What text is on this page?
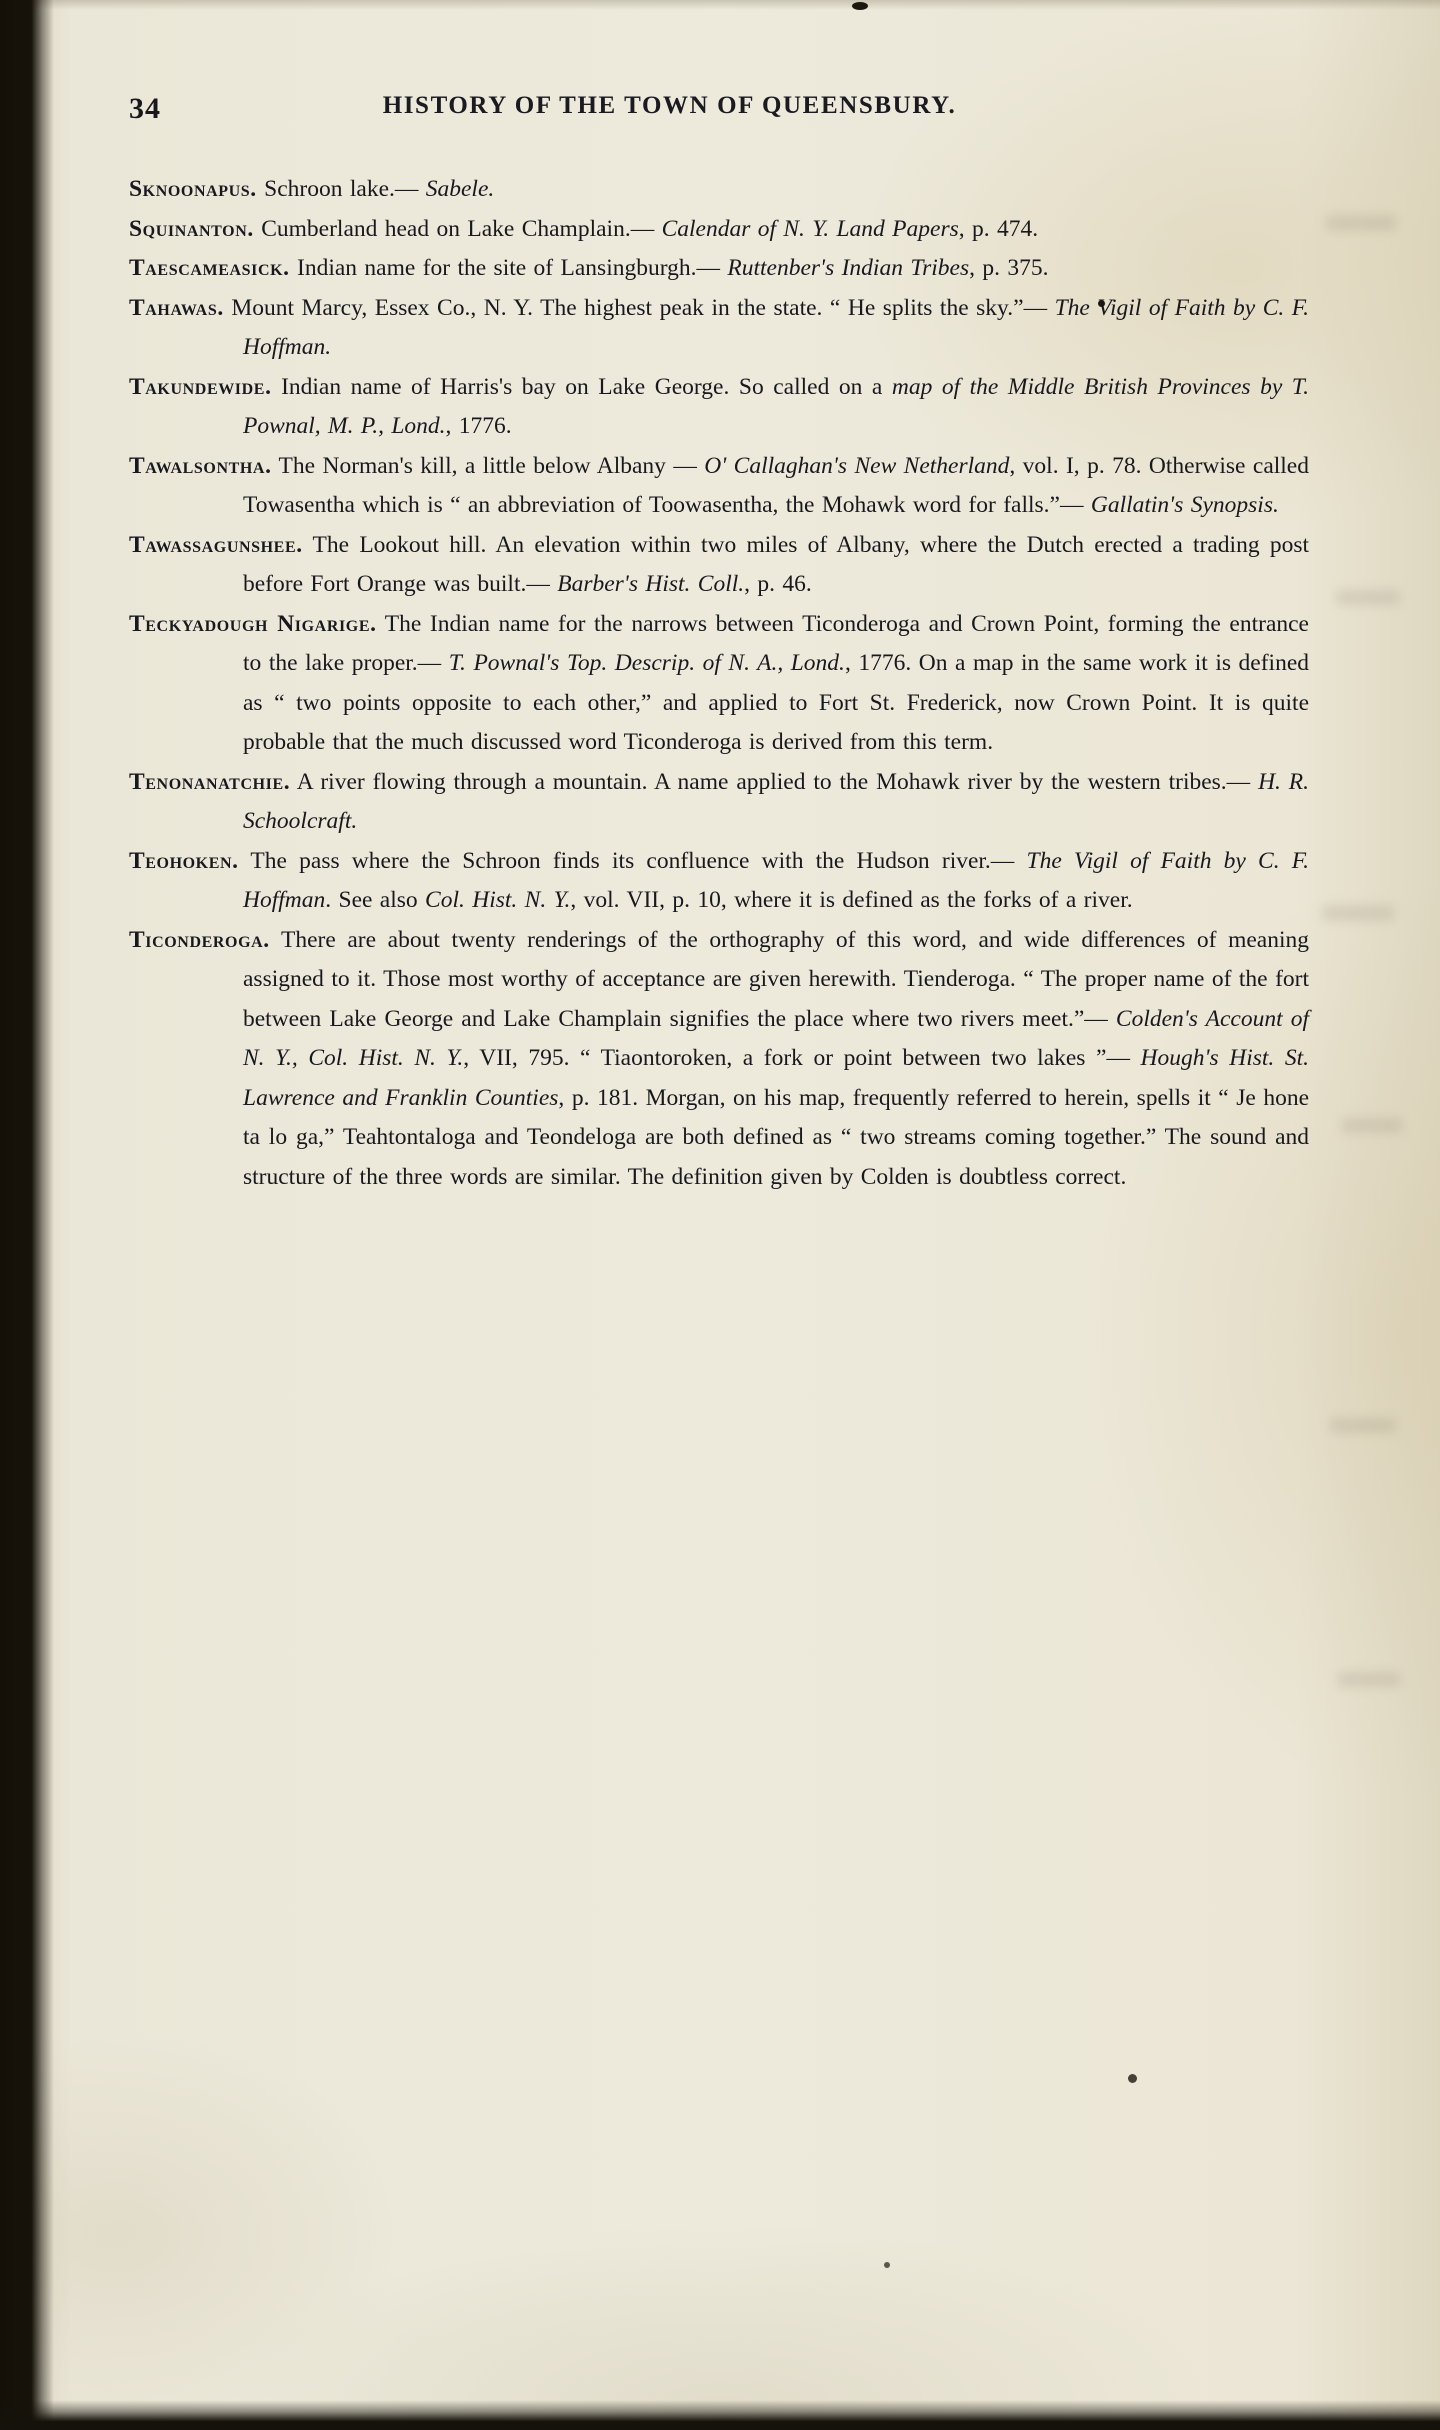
34	HISTORY OF THE TOWN OF QUEENSBURY.

Sknoonapus. Schroon lake.— Sabele.

Squinanton. Cumberland head on Lake Champlain.— Calendar of N. Y. Land Papers, p. 474.

Taescameasick. Indian name for the site of Lansingburgh.— Ruttenber's Indian Tribes, p. 375.

Tahawas. Mount Marcy, Essex Co., N. Y. The highest peak in the state. “ He splits the sky.”— The Vigil of Faith by C. F. Hoffman.

Takundewide. Indian name of Harris's bay on Lake George. So called on a map of the Middle British Provinces by T. Pownal, M. P., Lond., 1776.

Tawalsontha. The Norman's kill, a little below Albany — O' Callaghan's New Netherland, vol. I, p. 78. Otherwise called Towasentha which is “ an abbreviation of Toowasentha, the Mohawk word for falls.”— Gallatin's Synopsis.

Tawassagunshee. The Lookout hill. An elevation within two miles of Albany, where the Dutch erected a trading post before Fort Orange was built.— Barber's Hist. Coll., p. 46.

Teckyadough Nigarige. The Indian name for the narrows between Ticonderoga and Crown Point, forming the entrance to the lake proper.— T. Pownal's Top. Descrip. of N. A., Lond., 1776. On a map in the same work it is defined as “ two points opposite to each other,” and applied to Fort St. Frederick, now Crown Point. It is quite probable that the much discussed word Ticonderoga is derived from this term.

Tenonanatchie. A river flowing through a mountain. A name applied to the Mohawk river by the western tribes.— H. R. Schoolcraft.

Teohoken. The pass where the Schroon finds its confluence with the Hudson river.— The Vigil of Faith by C. F. Hoffman. See also Col. Hist. N. Y., vol. VII, p. 10, where it is defined as the forks of a river.

Ticonderoga. There are about twenty renderings of the orthography of this word, and wide differences of meaning assigned to it. Those most worthy of acceptance are given herewith. Tienderoga. “ The proper name of the fort between Lake George and Lake Champlain signifies the place where two rivers meet.”— Colden's Account of N. Y., Col. Hist. N. Y., VII, 795. “ Tiaontoroken, a fork or point between two lakes ”— Hough's Hist. St. Lawrence and Franklin Counties, p. 181. Morgan, on his map, frequently referred to herein, spells it “ Je hone ta lo ga,” Teahtontaloga and Teondeloga are both defined as “ two streams coming together.” The sound and structure of the three words are similar. The definition given by Colden is doubtless correct.
